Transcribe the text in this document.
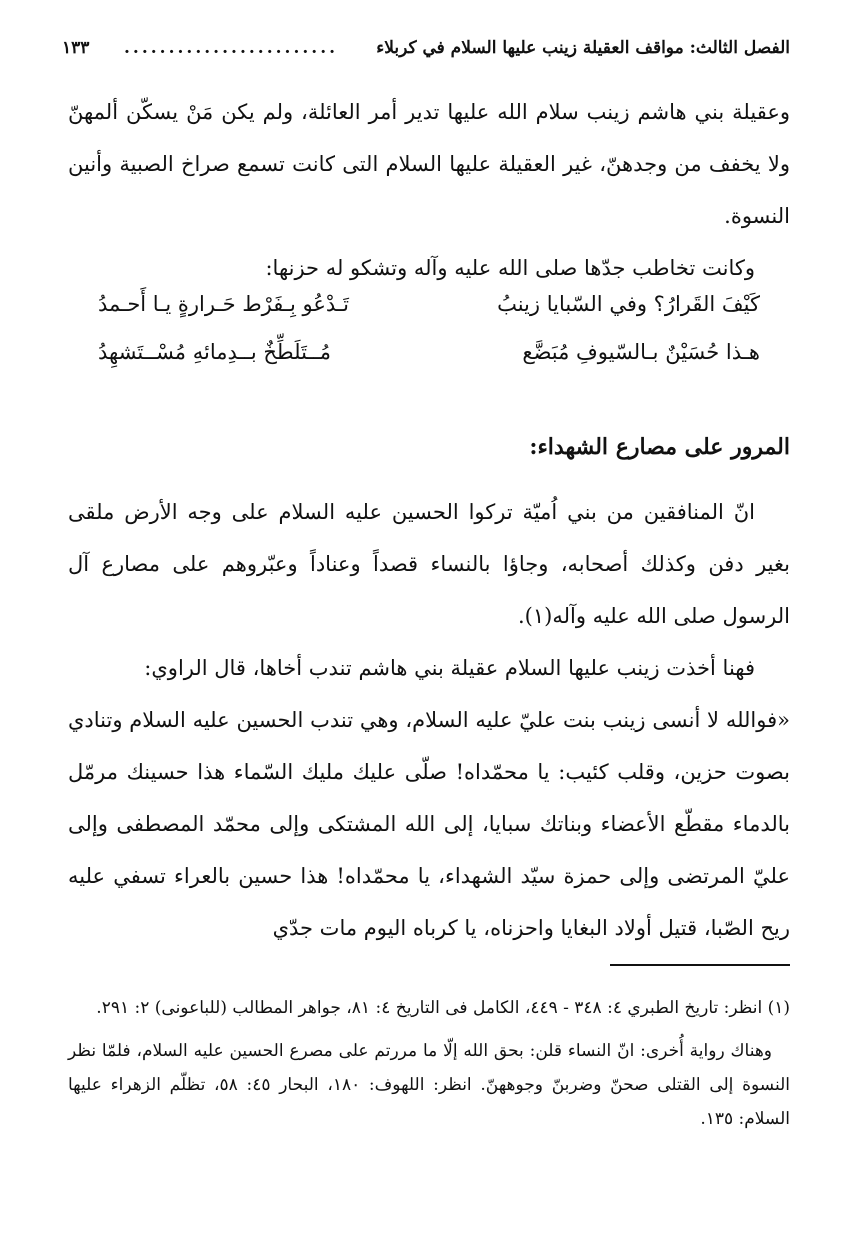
الفصل الثالث: مواقف العقيلة زينب عليها السلام في كربلاء
........................
١٣٣

وعقيلة بني هاشم زينب سلام الله عليها تدير أمر العائلة، ولم يكن مَنْ يسكّن ألمهنّ ولا يخفف من وجدهنّ، غير العقيلة عليها السلام التى كانت تسمع صراخ الصبية وأنين النسوة.

وكانت تخاطب جدّها صلى الله عليه وآله وتشكو له حزنها:

كَيْفَ القَرارُ؟ وفي السّبايا زينبُ
تَـدْعُو بِـفَرْط حَـرارةٍ يـا أَحـمدُ
هـذا حُسَيْنٌ بـالسّيوفِ مُبَضَّع
مُــتَلَطِّخٌ بــدِمائهِ مُسْــتَشهِدُ
المرور على مصارع الشهداء:

انّ المنافقين من بني اُميّة تركوا الحسين عليه السلام على وجه الأرض ملقى بغير دفن وكذلك أصحابه، وجاؤا بالنساء قصداً وعناداً وعبّروهم على مصارع آل الرسول صلى الله عليه وآله(١).

فهنا أخذت زينب عليها السلام عقيلة بني هاشم تندب أخاها، قال الراوي:

«فوالله لا أنسى زينب بنت عليّ عليه السلام، وهي تندب الحسين عليه السلام وتنادي بصوت حزين، وقلب كئيب: يا محمّداه! صلّى عليك مليك السّماء هذا حسينك مرمّل بالدماء مقطّع الأعضاء وبناتك سبايا، إلى الله المشتكى وإلى محمّد المصطفى وإلى عليّ المرتضى وإلى حمزة سيّد الشهداء، يا محمّداه! هذا حسين بالعراء تسفي عليه ريح الصّبا، قتيل أولاد البغايا واحزناه، يا كرباه اليوم مات جدّي

(١) انظر: تاريخ الطبري ٤: ٣٤٨ - ٤٤٩، الكامل فى التاريخ ٤: ٨١، جواهر المطالب (للباعونى) ٢: ٢٩١.

وهناك رواية أُخرى: انّ النساء قلن: بحق الله إلّا ما مررتم على مصرع الحسين عليه السلام، فلمّا نظر النسوة إلى القتلى صحنّ وضربنّ وجوههنّ. انظر: اللهوف: ١٨٠، البحار ٤٥: ٥٨، تظلّم الزهراء عليها السلام: ١٣٥.
